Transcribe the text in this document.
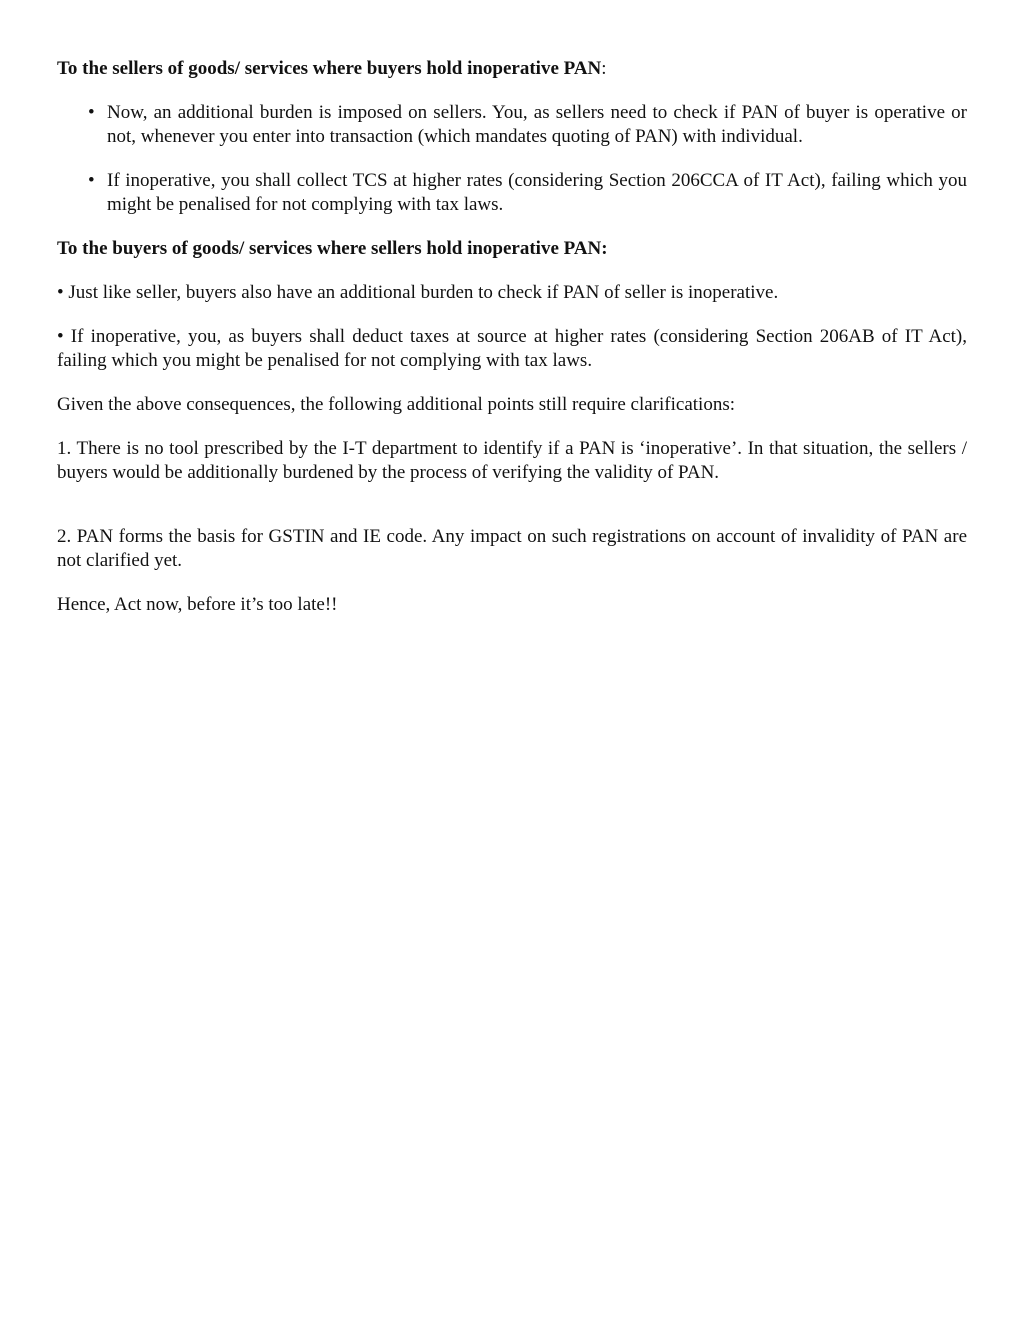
To the sellers of goods/ services where buyers hold inoperative PAN:

• Now, an additional burden is imposed on sellers. You, as sellers need to check if PAN of buyer is operative or not, whenever you enter into transaction (which mandates quoting of PAN) with individual.
• If inoperative, you shall collect TCS at higher rates (considering Section 206CCA of IT Act), failing which you might be penalised for not complying with tax laws.

To the buyers of goods/ services where sellers hold inoperative PAN:

• Just like seller, buyers also have an additional burden to check if PAN of seller is inoperative.

• If inoperative, you, as buyers shall deduct taxes at source at higher rates (considering Section 206AB of IT Act), failing which you might be penalised for not complying with tax laws.

Given the above consequences, the following additional points still require clarifications:

1. There is no tool prescribed by the I-T department to identify if a PAN is ‘inoperative’. In that situation, the sellers / buyers would be additionally burdened by the process of verifying the validity of PAN.

2. PAN forms the basis for GSTIN and IE code. Any impact on such registrations on account of invalidity of PAN are not clarified yet.

Hence, Act now, before it’s too late!!
